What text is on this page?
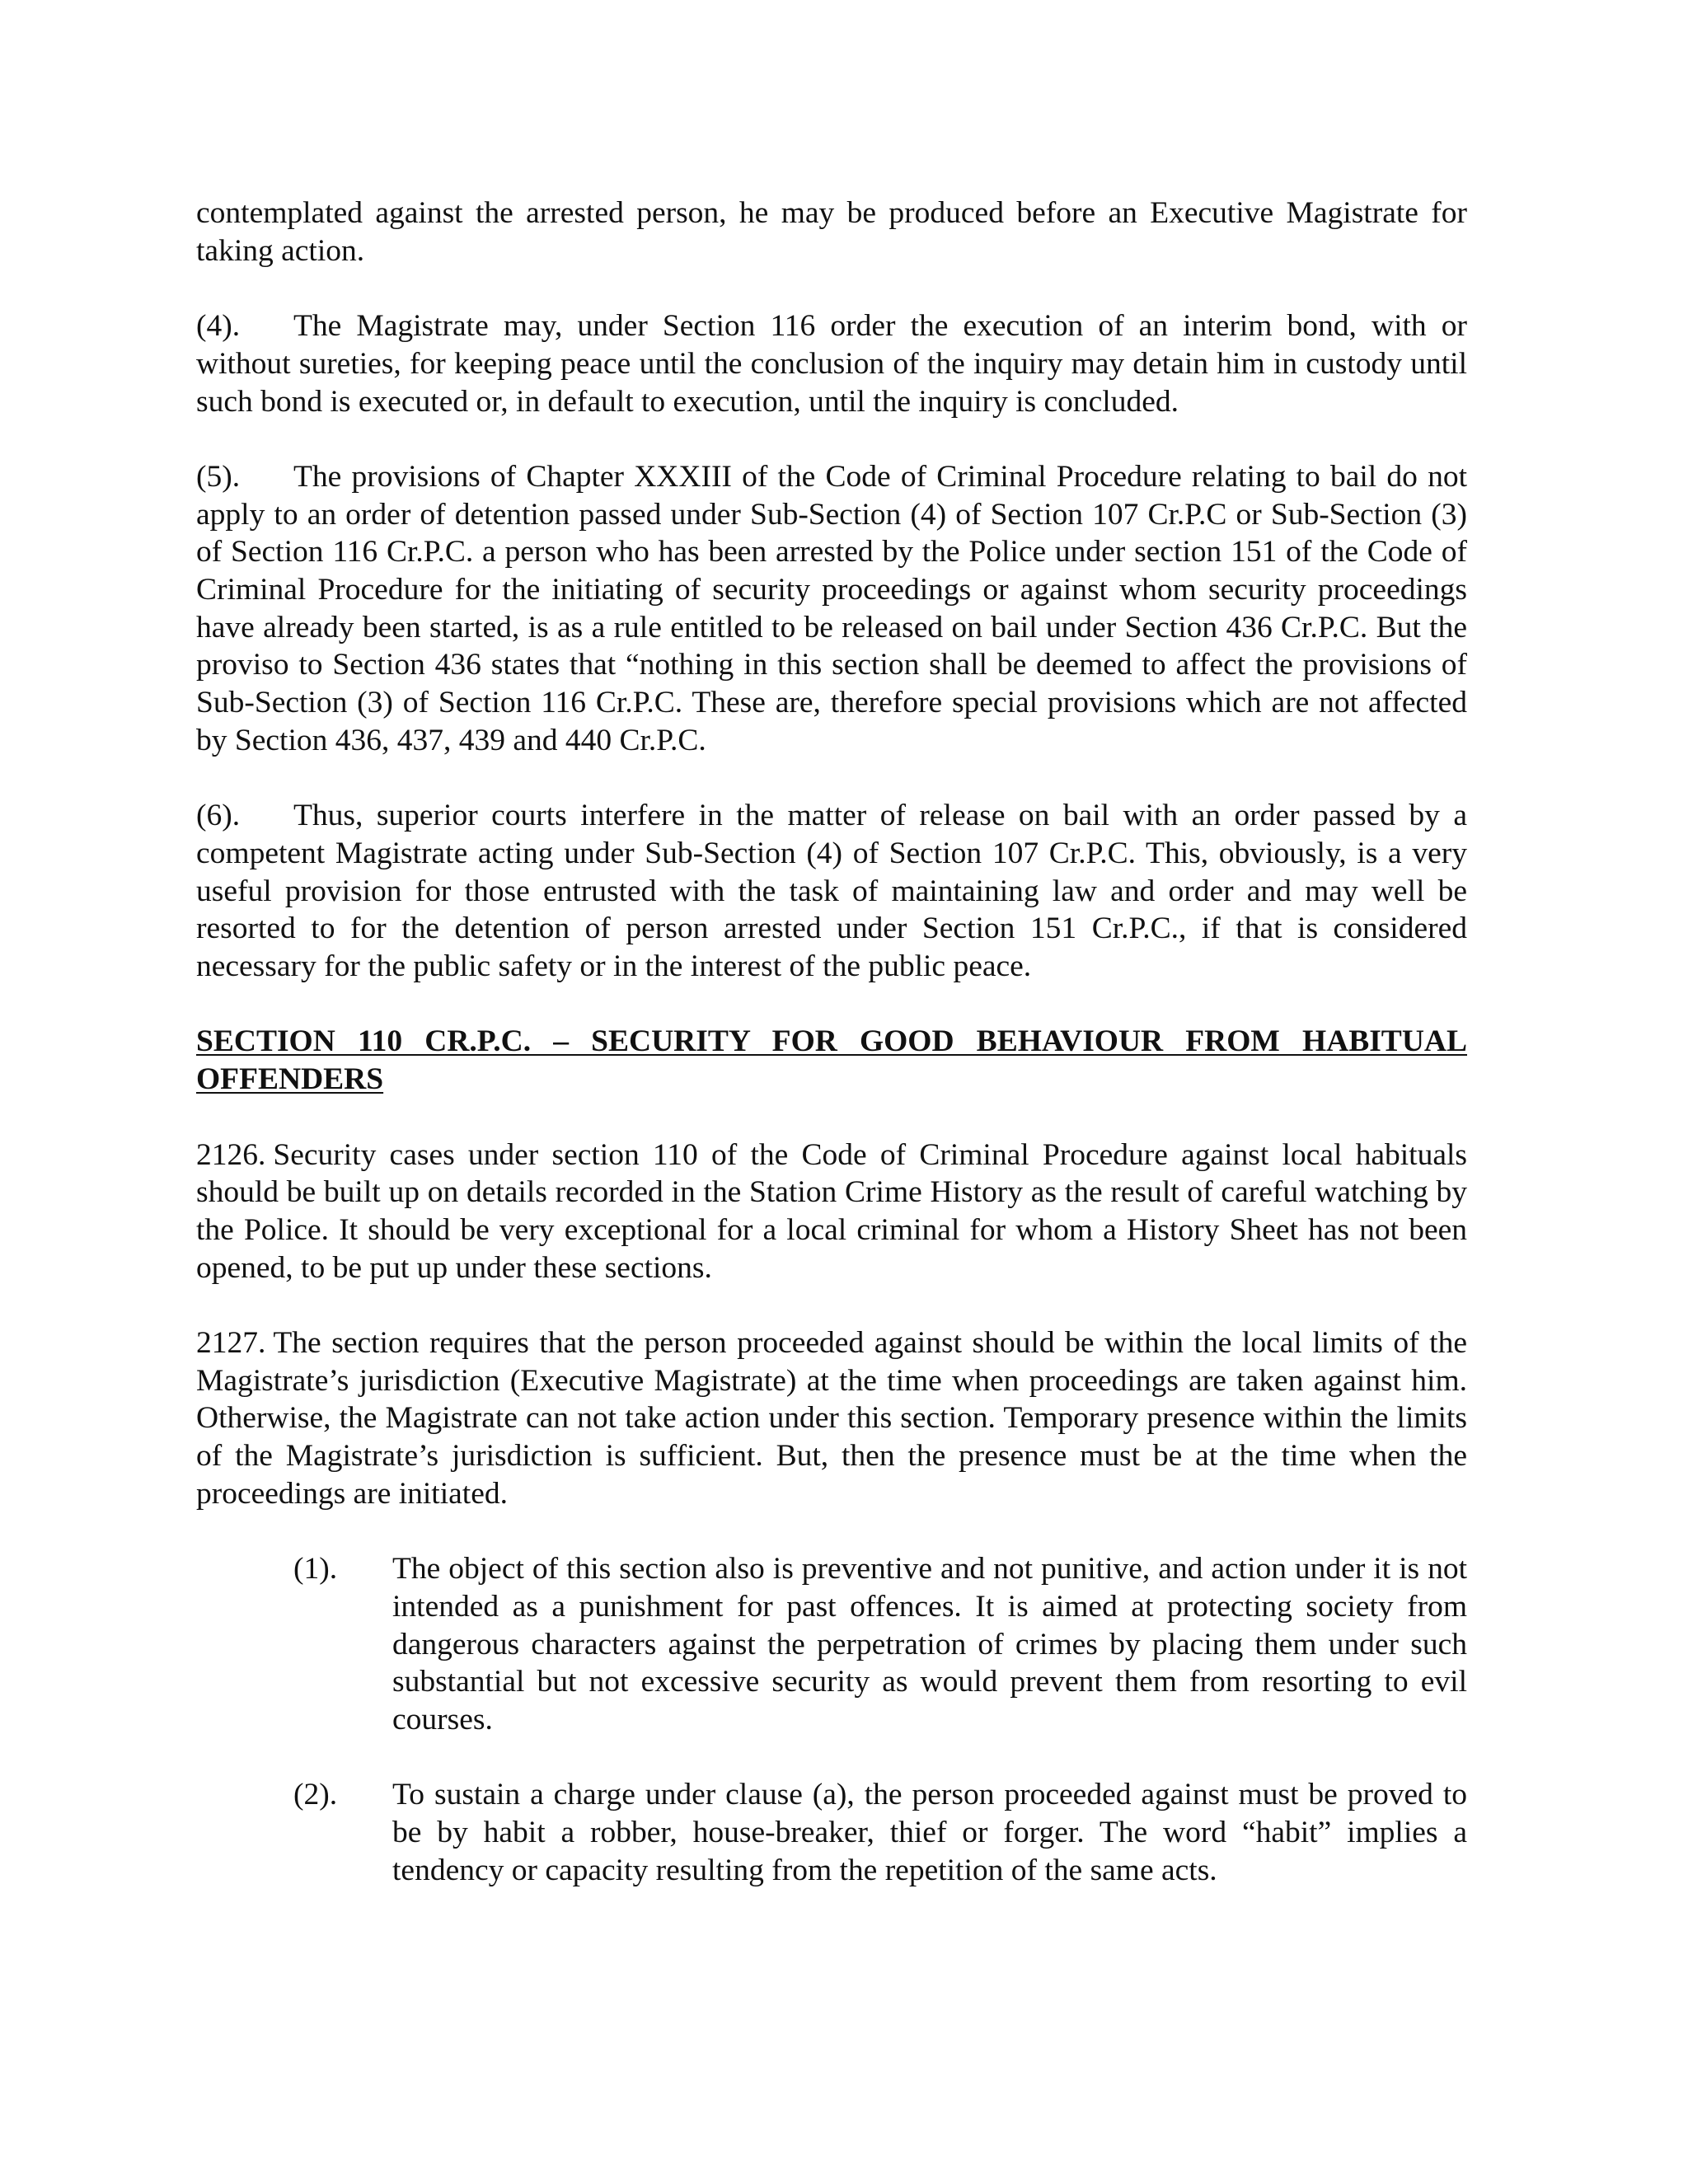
contemplated against the arrested person, he may be produced before an Executive Magistrate for taking action.

(4). The Magistrate may, under Section 116 order the execution of an interim bond, with or without sureties, for keeping peace until the conclusion of the inquiry may detain him in custody until such bond is executed or, in default to execution, until the inquiry is concluded.

(5). The provisions of Chapter XXXIII of the Code of Criminal Procedure relating to bail do not apply to an order of detention passed under Sub-Section (4) of Section 107 Cr.P.C or Sub-Section (3) of Section 116 Cr.P.C. a person who has been arrested by the Police under section 151 of the Code of Criminal Procedure for the initiating of security proceedings or against whom security proceedings have already been started, is as a rule entitled to be released on bail under Section 436 Cr.P.C. But the proviso to Section 436 states that “nothing in this section shall be deemed to affect the provisions of Sub-Section (3) of Section 116 Cr.P.C. These are, therefore special provisions which are not affected by Section 436, 437, 439 and 440 Cr.P.C.

(6). Thus, superior courts interfere in the matter of release on bail with an order passed by a competent Magistrate acting under Sub-Section (4) of Section 107 Cr.P.C. This, obviously, is a very useful provision for those entrusted with the task of maintaining law and order and may well be resorted to for the detention of person arrested under Section 151 Cr.P.C., if that is considered necessary for the public safety or in the interest of the public peace.

SECTION 110 CR.P.C. – SECURITY FOR GOOD BEHAVIOUR FROM HABITUAL OFFENDERS

2126. Security cases under section 110 of the Code of Criminal Procedure against local habituals should be built up on details recorded in the Station Crime History as the result of careful watching by the Police. It should be very exceptional for a local criminal for whom a History Sheet has not been opened, to be put up under these sections.

2127. The section requires that the person proceeded against should be within the local limits of the Magistrate’s jurisdiction (Executive Magistrate) at the time when proceedings are taken against him. Otherwise, the Magistrate can not take action under this section. Temporary presence within the limits of the Magistrate’s jurisdiction is sufficient. But, then the presence must be at the time when the proceedings are initiated.

(1). The object of this section also is preventive and not punitive, and action under it is not intended as a punishment for past offences. It is aimed at protecting society from dangerous characters against the perpetration of crimes by placing them under such substantial but not excessive security as would prevent them from resorting to evil courses.
(2). To sustain a charge under clause (a), the person proceeded against must be proved to be by habit a robber, house-breaker, thief or forger. The word “habit” implies a tendency or capacity resulting from the repetition of the same acts.
